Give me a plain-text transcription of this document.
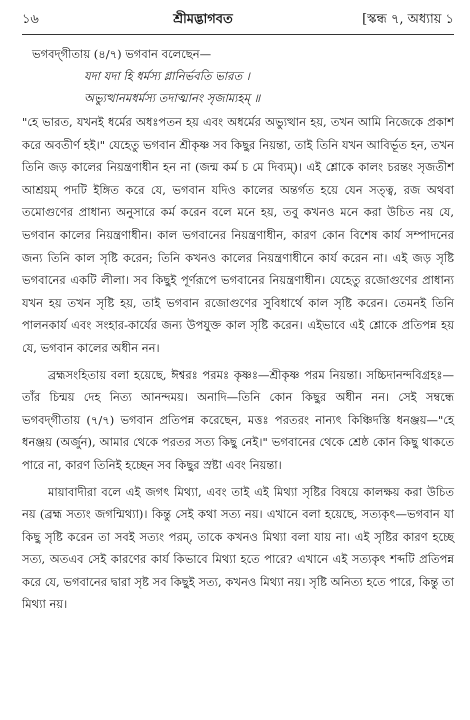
১৬	শ্রীমদ্ভাগবত	[স্কন্ধ ৭, অধ্যায় ১
ভগবদ্‌গীতায় (৪/৭) ভগবান বলেছেন—
যদা যদা হি ধর্মস্য গ্লানির্ভবতি ভারত ।
অভ্যুত্থানমধর্মস্য তদাত্মানং সৃজাম্যহম্ ॥

"হে ভারত, যখনই ধর্মের অধঃপতন হয় এবং অধর্মের অভ্যুত্থান হয়, তখন আমি নিজেকে প্রকাশ করে অবতীর্ণ হই।" যেহেতু ভগবান শ্রীকৃষ্ণ সব কিছুর নিয়ন্তা, তাই তিনি যখন আবির্ভূত হন, তখন তিনি জড় কালের নিয়ন্ত্রণাধীন হন না (জন্ম কর্ম চ মে দিব্যম্)। এই শ্লোকে কালং চরন্তং সৃজতীশ আশ্রয়ম্ পদটি ইঙ্গিত করে যে, ভগবান যদিও কালের অন্তর্গত হয়ে যেন সত্ত্ব, রজ অথবা তমোগুণের প্রাধান্য অনুসারে কর্ম করেন বলে মনে হয়, তবু কখনও মনে করা উচিত নয় যে, ভগবান কালের নিয়ন্ত্রণাধীন। কাল ভগবানের নিয়ন্ত্রণাধীন, কারণ কোন বিশেষ কার্য সম্পাদনের জন্য তিনি কাল সৃষ্টি করেন; তিনি কখনও কালের নিয়ন্ত্রণাধীনে কার্য করেন না। এই জড় সৃষ্টি ভগবানের একটি লীলা। সব কিছুই পূর্ণরূপে ভগবানের নিয়ন্ত্রণাধীন। যেহেতু রজোগুণের প্রাধান্য যখন হয় তখন সৃষ্টি হয়, তাই ভগবান রজোগুণের সুবিধার্থে কাল সৃষ্টি করেন। তেমনই তিনি পালনকার্য এবং সংহার-কার্যের জন্য উপযুক্ত কাল সৃষ্টি করেন। এইভাবে এই শ্লোকে প্রতিপন্ন হয় যে, ভগবান কালের অধীন নন।

ব্রহ্মসংহিতায় বলা হয়েছে, ঈশ্বরঃ পরমঃ কৃষ্ণঃ—শ্রীকৃষ্ণ পরম নিয়ন্তা। সচ্চিদানন্দবিগ্রহঃ—তাঁর চিন্ময় দেহ নিত্য আনন্দময়। অনাদি—তিনি কোন কিছুর অধীন নন। সেই সম্বন্ধে ভগবদ্‌গীতায় (৭/৭) ভগবান প্রতিপন্ন করেছেন, মত্তঃ পরতরং নান্যৎ কিঞ্চিদস্তি ধনঞ্জয়—"হে ধনঞ্জয় (অর্জুন), আমার থেকে পরতর সত্য কিছু নেই।" ভগবানের থেকে শ্রেষ্ঠ কোন কিছু থাকতে পারে না, কারণ তিনিই হচ্ছেন সব কিছুর স্রষ্টা এবং নিয়ন্তা।

মায়াবাদীরা বলে এই জগৎ মিথ্যা, এবং তাই এই মিথ্যা সৃষ্টির বিষয়ে কালক্ষয় করা উচিত নয় (ব্রহ্ম সত্যং জগন্মিথ্যা)। কিন্তু সেই কথা সত্য নয়। এখানে বলা হয়েছে, সত্যকৃৎ—ভগবান যা কিছু সৃষ্টি করেন তা সবই সত্যং পরম্, তাকে কখনও মিথ্যা বলা যায় না। এই সৃষ্টির কারণ হচ্ছে সত্য, অতএব সেই কারণের কার্য কিভাবে মিথ্যা হতে পারে? এখানে এই সত্যকৃৎ শব্দটি প্রতিপন্ন করে যে, ভগবানের দ্বারা সৃষ্ট সব কিছুই সত্য, কখনও মিথ্যা নয়। সৃষ্টি অনিত্য হতে পারে, কিন্তু তা মিথ্যা নয়।
